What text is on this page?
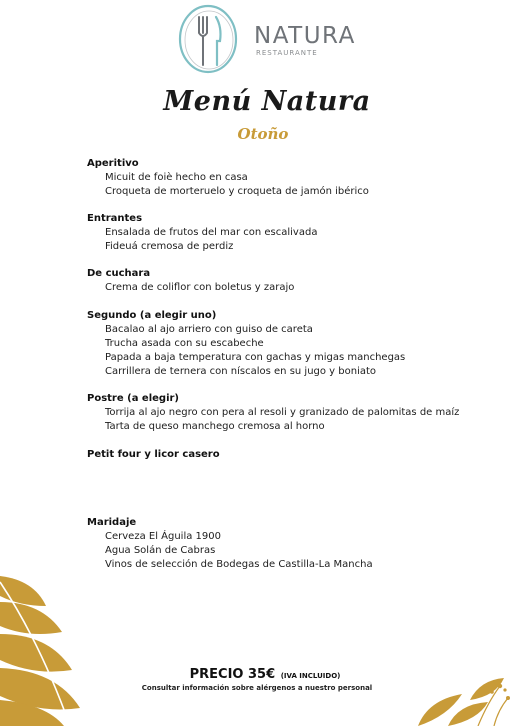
NATURA
RESTAURANTE
Menú Natura
Otoño
Aperitivo
Micuit de foiè hecho en casa
Croqueta de morteruelo y croqueta de jamón ibérico
Entrantes
Ensalada de frutos del mar con escalivada
Fideuá cremosa de perdiz
De cuchara
Crema de coliflor con boletus y zarajo
Segundo (a elegir uno)
Bacalao al ajo arriero con guiso de careta
Trucha asada con su escabeche
Papada a baja temperatura con gachas y migas manchegas
Carrillera de ternera con níscalos en su jugo y boniato
Postre (a elegir)
Torrija al ajo negro con pera al resoli y granizado de palomitas de maíz
Tarta de queso manchego cremosa al horno
Petit four y licor casero
Maridaje
Cerveza El Águila 1900
Agua Solán de Cabras
Vinos de selección de Bodegas de Castilla-La Mancha
PRECIO 35€ (IVA INCLUIDO)
Consultar información sobre alérgenos a nuestro personal
